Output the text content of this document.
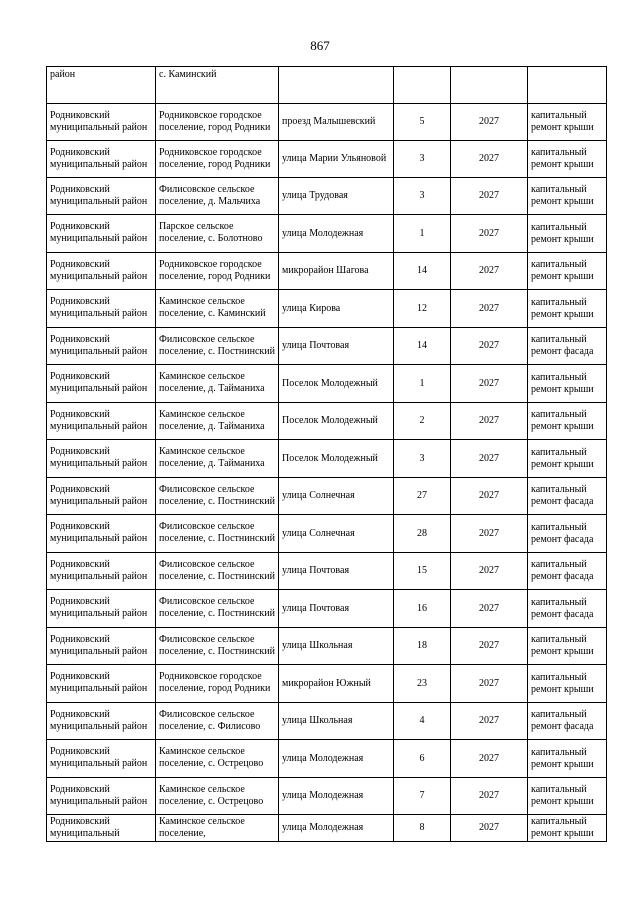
867
район	с. Каминский				
Родниковский муниципальный район	Родниковское городское поселение, город Родники	проезд Малышевский	5	2027	капитальный ремонт крыши
Родниковский муниципальный район	Родниковское городское поселение, город Родники	улица Марии Ульяновой	3	2027	капитальный ремонт крыши
Родниковский муниципальный район	Филисовское сельское поселение, д. Мальчиха	улица Трудовая	3	2027	капитальный ремонт крыши
Родниковский муниципальный район	Парское сельское поселение, с. Болотново	улица Молодежная	1	2027	капитальный ремонт крыши
Родниковский муниципальный район	Родниковское городское поселение, город Родники	микрорайон Шагова	14	2027	капитальный ремонт крыши
Родниковский муниципальный район	Каминское сельское поселение, с. Каминский	улица Кирова	12	2027	капитальный ремонт крыши
Родниковский муниципальный район	Филисовское сельское поселение, с. Постнинский	улица Почтовая	14	2027	капитальный ремонт фасада
Родниковский муниципальный район	Каминское сельское поселение, д. Тайманиха	Поселок Молодежный	1	2027	капитальный ремонт крыши
Родниковский муниципальный район	Каминское сельское поселение, д. Тайманиха	Поселок Молодежный	2	2027	капитальный ремонт крыши
Родниковский муниципальный район	Каминское сельское поселение, д. Тайманиха	Поселок Молодежный	3	2027	капитальный ремонт крыши
Родниковский муниципальный район	Филисовское сельское поселение, с. Постнинский	улица Солнечная	27	2027	капитальный ремонт фасада
Родниковский муниципальный район	Филисовское сельское поселение, с. Постнинский	улица Солнечная	28	2027	капитальный ремонт фасада
Родниковский муниципальный район	Филисовское сельское поселение, с. Постнинский	улица Почтовая	15	2027	капитальный ремонт фасада
Родниковский муниципальный район	Филисовское сельское поселение, с. Постнинский	улица Почтовая	16	2027	капитальный ремонт фасада
Родниковский муниципальный район	Филисовское сельское поселение, с. Постнинский	улица Школьная	18	2027	капитальный ремонт крыши
Родниковский муниципальный район	Родниковское городское поселение, город Родники	микрорайон Южный	23	2027	капитальный ремонт крыши
Родниковский муниципальный район	Филисовское сельское поселение, с. Филисово	улица Школьная	4	2027	капитальный ремонт фасада
Родниковский муниципальный район	Каминское сельское поселение, с. Острецово	улица Молодежная	6	2027	капитальный ремонт крыши
Родниковский муниципальный район	Каминское сельское поселение, с. Острецово	улица Молодежная	7	2027	капитальный ремонт крыши
Родниковский муниципальный	Каминское сельское поселение,	улица Молодежная	8	2027	капитальный ремонт крыши
